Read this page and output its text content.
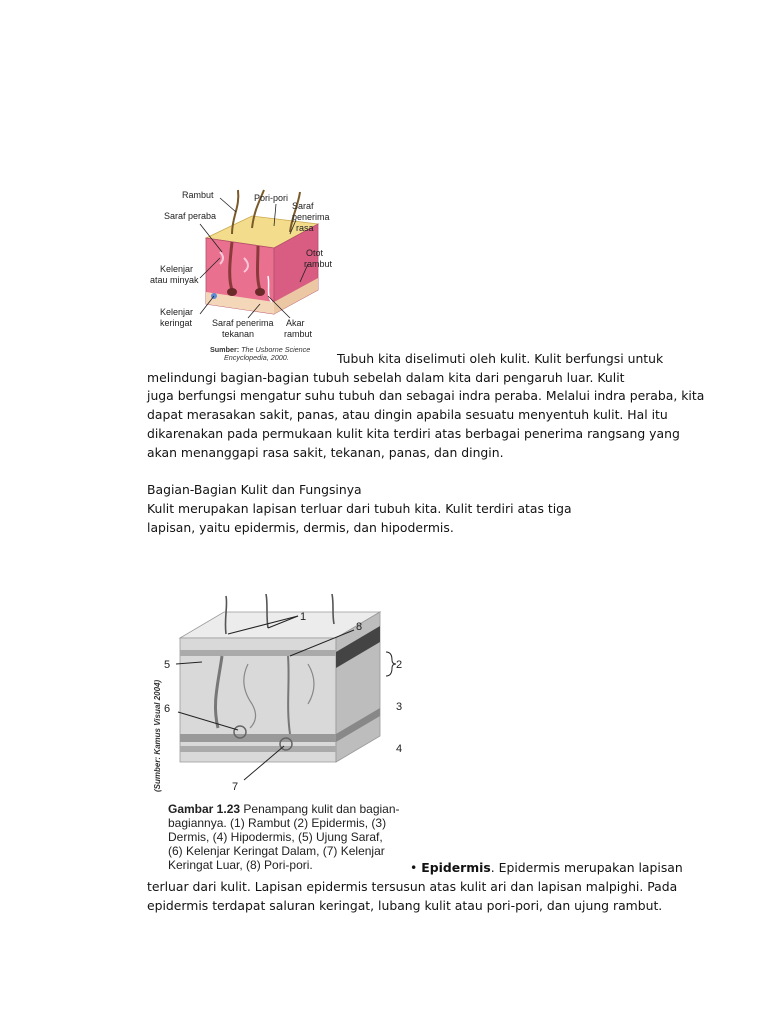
Rambut	Pori-pori
Saraf
penerima
rasa
Saraf peraba
Otot
rambut
Kelenjar
atau minyak
Kelenjar
keringat Saraf penerima
tekanan
Akar
rambut
Sumber: The Usborne Science
Encyclopedia, 2000.	Tubuh kita diselimuti oleh kulit. Kulit berfungsi untuk
melindungi bagian-bagian tubuh sebelah dalam kita dari pengaruh luar. Kulit
juga berfungsi mengatur suhu tubuh dan sebagai indra peraba. Melalui indra peraba, kita
dapat merasakan sakit, panas, atau dingin apabila sesuatu menyentuh kulit. Hal itu
dikarenakan pada permukaan kulit kita terdiri atas berbagai penerima rangsang yang
akan menanggapi rasa sakit, tekanan, panas, dan dingin.
Bagian-Bagian Kulit dan Fungsinya
Kulit merupakan lapisan terluar dari tubuh kita. Kulit terdiri atas tiga
lapisan, yaitu epidermis, dermis, dan hipodermis.
(Sumber: Kamus Visual 2004)
1
2
3
4
5
6
7
8
Gambar 1.23 Penampang kulit dan bagian-
bagiannya. (1) Rambut (2) Epidermis, (3)
Dermis, (4) Hipodermis, (5) Ujung Saraf,
(6) Kelenjar Keringat Dalam, (7) Kelenjar
Keringat Luar, (8) Pori-pori.	• Epidermis. Epidermis merupakan lapisan
terluar dari kulit. Lapisan epidermis tersusun atas kulit ari dan lapisan malpighi. Pada
epidermis terdapat saluran keringat, lubang kulit atau pori-pori, dan ujung rambut.
